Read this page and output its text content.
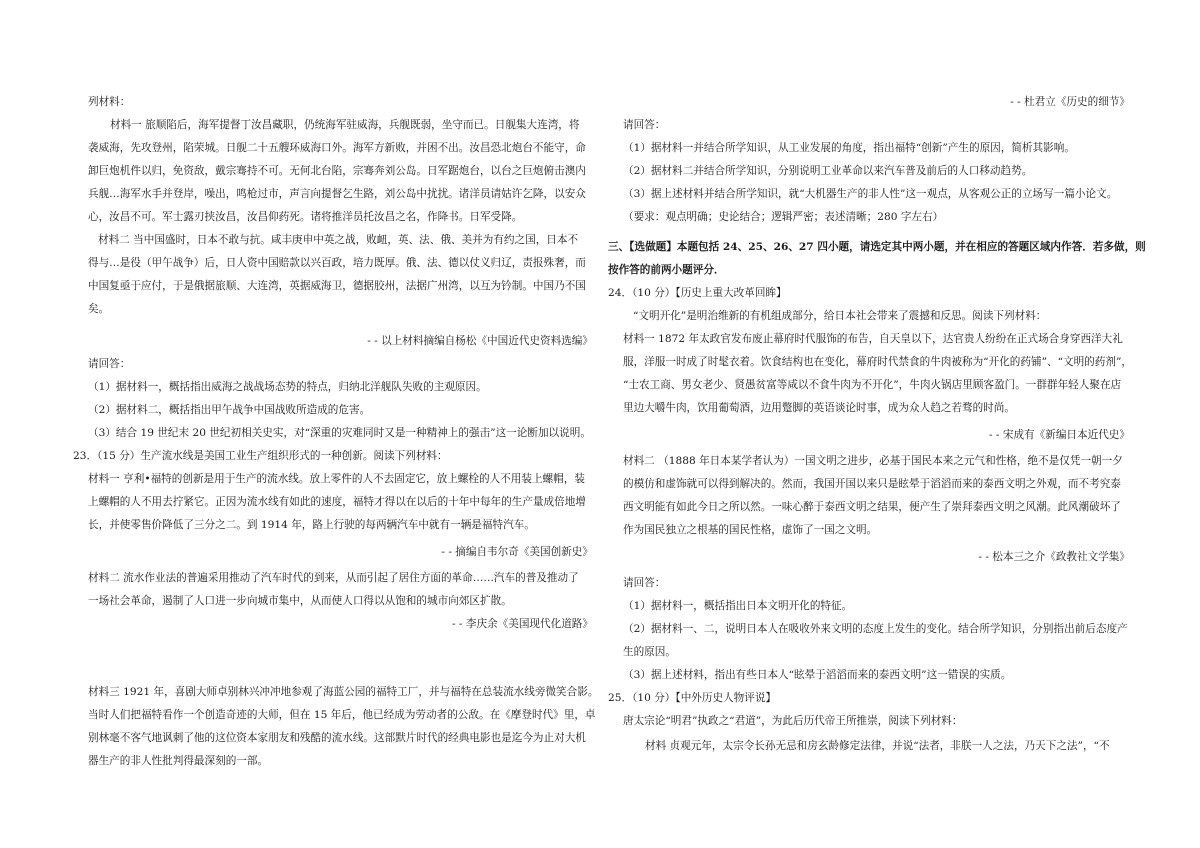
列材料：
材料一 旅顺陷后，海军提督丁汝昌藏职，仍统海军驻威海，兵舰既弱，坐守而已。日舰集大连湾，将
袭威海，先攻登州，陷荣城。日舰二十五艘环威海口外。海军方新败，并困不出。汝昌恐北炮台不能守，命
卸巨炮机件以归，免资敌，戴宗骞持不可。无何北台陷，宗骞奔刘公岛。日军踞炮台，以台之巨炮俯击澳内
兵舰…海军水手并登岸，噪出，鸣枪过市，声言向提督乞生路，刘公岛中扰扰。诸洋员请姑许乞降，以安众
心，汝昌不可。军士露刃挟汝昌，汝昌仰药死。诸将推洋员托汝昌之名，作降书。日军受降。
材料二 当中国盛时，日本不敢与抗。咸丰庚申中英之战，败衄，英、法、俄、美并为有约之国，日本不
得与…是役（甲午战争）后，日人资中国赔款以兴百政，培力既厚。俄、法、德以仗义归辽，责报殊奢，而
中国复亟于应付，于是俄据旅顺、大连湾，英据威海卫，德据胶州，法据广州湾，以互为钤制。中国乃不国
矣。
- - 以上材料摘编自杨松《中国近代史资料选编》
请回答：
（1）据材料一，概括指出威海之战战场态势的特点，归纳北洋舰队失败的主观原因。
（2）据材料二，概括指出甲午战争中国战败所造成的危害。
（3）结合 19 世纪末 20 世纪初相关史实，对“深重的灾难同时又是一种精神上的强击”这一论断加以说明。
23．（15 分）生产流水线是美国工业生产组织形式的一种创新。阅读下列材料：
材料一 亨利•福特的创新是用于生产的流水线。放上零件的人不去固定它，放上螺栓的人不用装上螺帽，装
上螺帽的人不用去拧紧它。正因为流水线有如此的速度，福特才得以在以后的十年中每年的生产量成倍地增
长，并使零售价降低了三分之二。到 1914 年，路上行驶的每两辆汽车中就有一辆是福特汽车。
- - 摘编自韦尔奇《美国创新史》
材料二 流水作业法的普遍采用推动了汽车时代的到来，从而引起了居住方面的革命……汽车的普及推动了
一场社会革命，遏制了人口进一步向城市集中，从而使人口得以从饱和的城市向郊区扩散。
- - 李庆余《美国现代化道路》
材料三 1921 年，喜剧大师卓别林兴冲冲地参观了海蓝公园的福特工厂，并与福特在总装流水线旁微笑合影。
当时人们把福特看作一个创造奇迹的大师，但在 15 年后，他已经成为劳动者的公敌。在《摩登时代》里，卓
别林毫不客气地讽刺了他的这位资本家朋友和残酷的流水线。这部默片时代的经典电影也是迄今为止对大机
器生产的非人性批判得最深刻的一部。
- - 杜君立《历史的细节》
请回答：
（1）据材料一并结合所学知识，从工业发展的角度，指出福特“创新”产生的原因，简析其影响。
（2）据材料二并结合所学知识，分别说明工业革命以来汽车普及前后的人口移动趋势。
（3）据上述材料并结合所学知识，就“大机器生产的非人性”这一观点，从客观公正的立场写一篇小论文。
（要求：观点明确；史论结合；逻辑严密；表述清晰；280 字左右）
三、【选做题】本题包括 24、25、26、27 四小题，请选定其中两小题，并在相应的答题区域内作答．若多做，则
按作答的前两小题评分．
24．（10 分）【历史上重大改革回眸】
“文明开化”是明治维新的有机组成部分，给日本社会带来了震撼和反思。阅读下列材料：
材料一 1872 年太政官发布废止幕府时代服饰的布告，自天皇以下，达官贵人纷纷在正式场合身穿西洋大礼
服，洋服一时成了时髦衣着。饮食结构也在变化，幕府时代禁食的牛肉被称为“开化的药铺”、“文明的药剂”，
“士农工商、男女老少、贤愚贫富等咸以不食牛肉为不开化”，牛肉火锅店里顾客盈门。一群群年轻人聚在店
里边大嚼牛肉，饮用葡萄酒，边用蹩脚的英语谈论时事，成为众人趋之若骛的时尚。
- - 宋成有《新编日本近代史》
材料二 （1888 年日本某学者认为）一国文明之进步，必基于国民本来之元气和性格，绝不是仅凭一朝一夕
的模仿和虚饰就可以得到解决的。然而，我国开国以来只是眩晕于滔滔而来的泰西文明之外观，而不考究泰
西文明能有如此今日之所以然。一味心醉于泰西文明之结果，便产生了崇拜泰西文明之风潮。此风潮破坏了
作为国民独立之根基的国民性格，虚饰了一国之文明。
- - 松本三之介《政教社文学集》
请回答：
（1）据材料一，概括指出日本文明开化的特征。
（2）据材料一、二，说明日本人在吸收外来文明的态度上发生的变化。结合所学知识，分别指出前后态度产
生的原因。
（3）据上述材料，指出有些日本人“眩晕于滔滔而来的泰西文明”这一错误的实质。
25．（10 分）【中外历史人物评说】
唐太宗论“明君”执政之“君道”，为此后历代帝王所推崇，阅读下列材料：
材料 贞观元年，太宗令长孙无忌和房玄龄修定法律，并说“法者，非朕一人之法，乃天下之法”，“不
